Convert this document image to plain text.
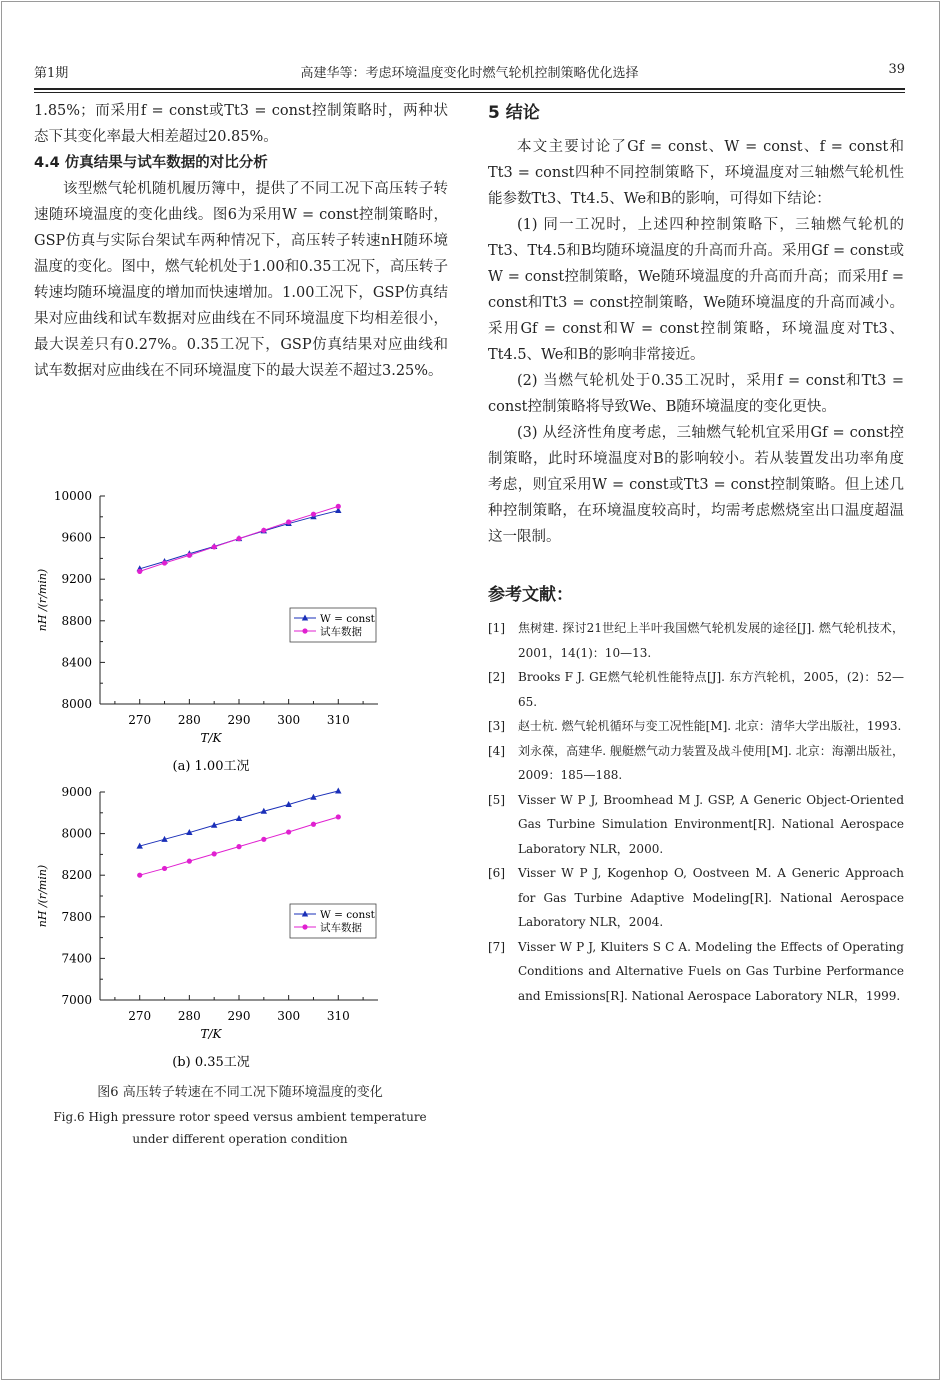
第1期	高建华等：考虑环境温度变化时燃气轮机控制策略优化选择	39

1.85%；而采用f = const或Tt3 = const控制策略时，两种状态下其变化率最大相差超过20.85%。

4.4 仿真结果与试车数据的对比分析

该型燃气轮机随机履历簿中，提供了不同工况下高压转子转速随环境温度的变化曲线。图6为采用W = const控制策略时，GSP仿真与实际台架试车两种情况下，高压转子转速nH随环境温度的变化。图中，燃气轮机处于1.00和0.35工况下，高压转子转速均随环境温度的增加而快速增加。1.00工况下，GSP仿真结果对应曲线和试车数据对应曲线在不同环境温度下均相差很小，最大误差只有0.27%。0.35工况下，GSP仿真结果对应曲线和试车数据对应曲线在不同环境温度下的最大误差不超过3.25%。

8000
8400
8800
9200
9600
10000
270 280 290 300 310
T/K
nH /(r/min)	W = const
试车数据
(a) 1.00工况

7000
7400
7800
8200
8000
9000
270 280 290 300 310
T/K
nH /(r/min)	W = const
试车数据
(b) 0.35工况
图6 高压转子转速在不同工况下随环境温度的变化
Fig.6 High pressure rotor speed versus ambient temperature
under different operation condition

5 结论

本文主要讨论了Gf = const、W = const、f = const和Tt3 = const四种不同控制策略下，环境温度对三轴燃气轮机性能参数Tt3、Tt4.5、We和B的影响，可得如下结论：

(1) 同一工况时，上述四种控制策略下，三轴燃气轮机的Tt3、Tt4.5和B均随环境温度的升高而升高。采用Gf = const或W = const控制策略，We随环境温度的升高而升高；而采用f = const和Tt3 = const控制策略，We随环境温度的升高而减小。采用Gf = const和W = const控制策略，环境温度对Tt3、Tt4.5、We和B的影响非常接近。

(2) 当燃气轮机处于0.35工况时，采用f = const和Tt3 = const控制策略将导致We、B随环境温度的变化更快。

(3) 从经济性角度考虑，三轴燃气轮机宜采用Gf = const控制策略，此时环境温度对B的影响较小。若从装置发出功率角度考虑，则宜采用W = const或Tt3 = const控制策略。但上述几种控制策略，在环境温度较高时，均需考虑燃烧室出口温度超温这一限制。

参考文献：

[1]	焦树建. 探讨21世纪上半叶我国燃气轮机发展的途径[J]. 燃气轮机技术，2001，14(1)：10—13.
[2]	Brooks F J. GE燃气轮机性能特点[J]. 东方汽轮机，2005，(2)：52—65.
[3]	赵士杭. 燃气轮机循环与变工况性能[M]. 北京：清华大学出版社，1993.
[4]	刘永葆，高建华. 舰艇燃气动力装置及战斗使用[M]. 北京：海潮出版社，2009：185—188.
[5]	Visser W P J, Broomhead M J. GSP, A Generic Object-Oriented Gas Turbine Simulation Environment[R]. National Aerospace Laboratory NLR，2000.
[6]	Visser W P J, Kogenhop O, Oostveen M. A Generic Approach for Gas Turbine Adaptive Modeling[R]. National Aerospace Laboratory NLR，2004.
[7]	Visser W P J, Kluiters S C A. Modeling the Effects of Operating Conditions and Alternative Fuels on Gas Turbine Performance and Emissions[R]. National Aerospace Laboratory NLR，1999.
